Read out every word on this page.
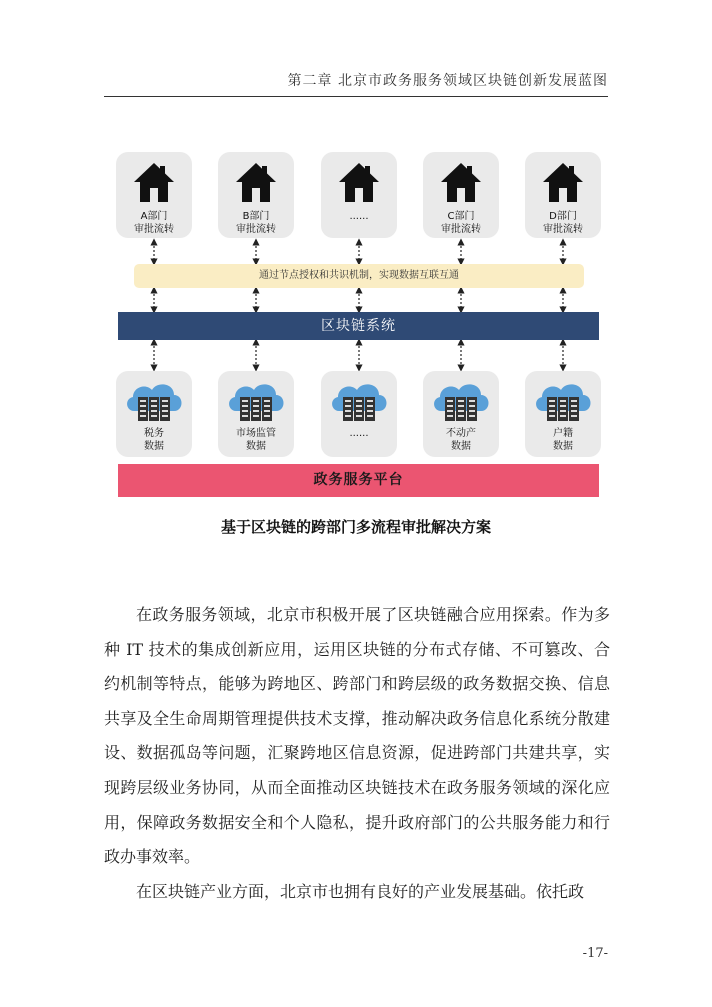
第二章 北京市政务服务领域区块链创新发展蓝图
A部门
审批流转
B部门
审批流转
......	C部门
审批流转
D部门
审批流转
通过节点授权和共识机制，实现数据互联互通
区块链系统
税务
数据
市场监管
数据
......	不动产
数据
户籍
数据
政务服务平台
基于区块链的跨部门多流程审批解决方案

在政务服务领域，北京市积极开展了区块链融合应用探索。作为多种 IT 技术的集成创新应用，运用区块链的分布式存储、不可篡改、合约机制等特点，能够为跨地区、跨部门和跨层级的政务数据交换、信息共享及全生命周期管理提供技术支撑，推动解决政务信息化系统分散建设、数据孤岛等问题，汇聚跨地区信息资源，促进跨部门共建共享，实现跨层级业务协同，从而全面推动区块链技术在政务服务领域的深化应用，保障政务数据安全和个人隐私，提升政府部门的公共服务能力和行政办事效率。

在区块链产业方面，北京市也拥有良好的产业发展基础。依托政

-17-
